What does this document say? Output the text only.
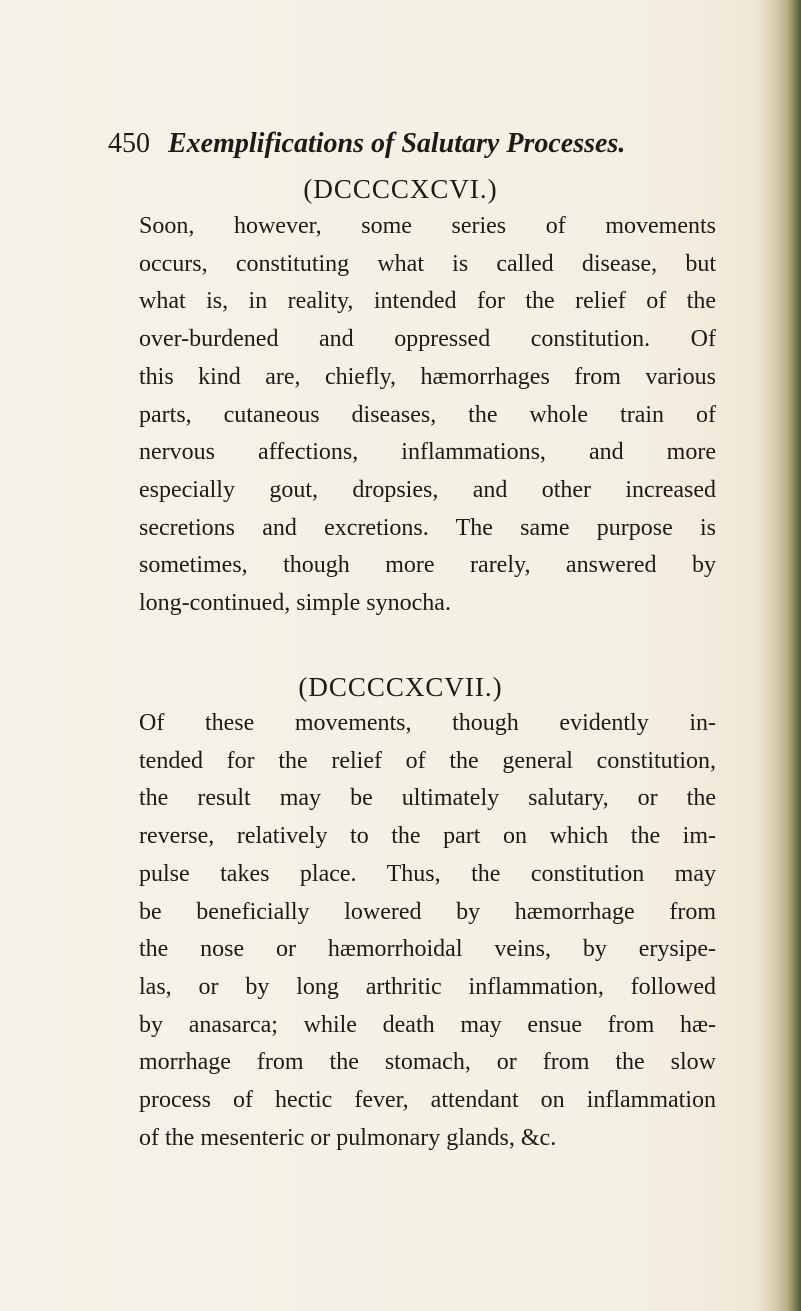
450 Exemplifications of Salutary Processes.
(DCCCCXCVI.)

Soon, however, some series of movements
occurs, constituting what is called disease, but
what is, in reality, intended for the relief of the
over-burdened and oppressed constitution. Of
this kind are, chiefly, hæmorrhages from various
parts, cutaneous diseases, the whole train of
nervous affections, inflammations, and more
especially gout, dropsies, and other increased
secretions and excretions. The same purpose is
sometimes, though more rarely, answered by
long-continued, simple synocha.

(DCCCCXCVII.)

Of these movements, though evidently in-
tended for the relief of the general constitution,
the result may be ultimately salutary, or the
reverse, relatively to the part on which the im-
pulse takes place. Thus, the constitution may
be beneficially lowered by hæmorrhage from
the nose or hæmorrhoidal veins, by erysipe-
las, or by long arthritic inflammation, followed
by anasarca; while death may ensue from hæ-
morrhage from the stomach, or from the slow
process of hectic fever, attendant on inflammation
of the mesenteric or pulmonary glands, &c.
